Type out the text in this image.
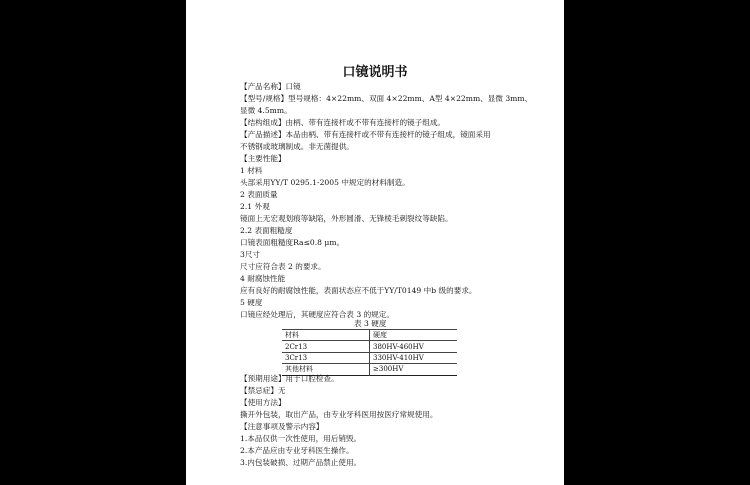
口镜说明书
【产品名称】口镜
【型号/规格】型号规格：4×22mm、双面 4×22mm、A型 4×22mm、显微 3mm、
显微 4.5mm。
【结构组成】由柄、带有连接杆或不带有连接杆的镜子组成。
【产品描述】本品由柄、带有连接杆或不带有连接杆的镜子组成，镜面采用
不锈钢或玻璃制成。非无菌提供。
【主要性能】
1 材料
头部采用YY/T 0295.1-2005 中规定的材料制造。
2 表面质量
2.1 外观
镜面上无宏观划痕等缺陷，外形圆滑、无锋棱毛刺裂纹等缺陷。
2.2 表面粗糙度
口镜表面粗糙度Ra≤0.8 μm。
3尺寸
尺寸应符合表 2 的要求。
4 耐腐蚀性能
应有良好的耐腐蚀性能，表面状态应不低于YY/T0149 中b 级的要求。
5 硬度
口镜应经处理后，其硬度应符合表 3 的规定。
表 3 硬度
材料	硬度
2Cr13	380HV-460HV
3Cr13	330HV-410HV
其他材料	≥300HV
【预期用途】用于口腔检查。
【禁忌症】无
【使用方法】
撕开外包装，取出产品，由专业牙科医用按医疗常规使用。
【注意事项及警示内容】
1.本品仅供一次性使用，用后销毁。
2.本产品应由专业牙科医生操作。
3.内包装破损、过期产品禁止使用。
